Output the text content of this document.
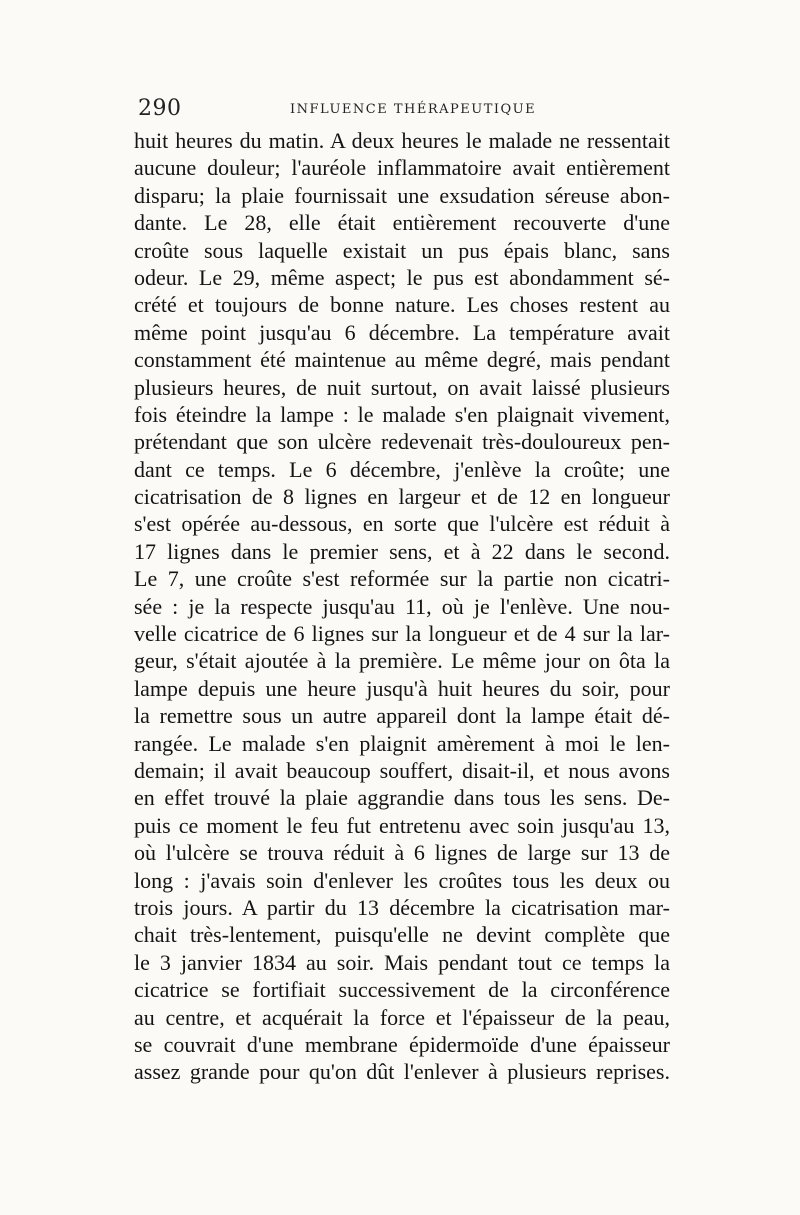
290	INFLUENCE THÉRAPEUTIQUE
huit heures du matin. A deux heures le malade ne ressentait
aucune douleur; l'auréole inflammatoire avait entièrement
disparu; la plaie fournissait une exsudation séreuse abon-
dante. Le 28, elle était entièrement recouverte d'une
croûte sous laquelle existait un pus épais blanc, sans
odeur. Le 29, même aspect; le pus est abondamment sé-
crété et toujours de bonne nature. Les choses restent au
même point jusqu'au 6 décembre. La température avait
constamment été maintenue au même degré, mais pendant
plusieurs heures, de nuit surtout, on avait laissé plusieurs
fois éteindre la lampe : le malade s'en plaignait vivement,
prétendant que son ulcère redevenait très-douloureux pen-
dant ce temps. Le 6 décembre, j'enlève la croûte; une
cicatrisation de 8 lignes en largeur et de 12 en longueur
s'est opérée au-dessous, en sorte que l'ulcère est réduit à
17 lignes dans le premier sens, et à 22 dans le second.
Le 7, une croûte s'est reformée sur la partie non cicatri-
sée : je la respecte jusqu'au 11, où je l'enlève. Une nou-
velle cicatrice de 6 lignes sur la longueur et de 4 sur la lar-
geur, s'était ajoutée à la première. Le même jour on ôta la
lampe depuis une heure jusqu'à huit heures du soir, pour
la remettre sous un autre appareil dont la lampe était dé-
rangée. Le malade s'en plaignit amèrement à moi le len-
demain; il avait beaucoup souffert, disait-il, et nous avons
en effet trouvé la plaie aggrandie dans tous les sens. De-
puis ce moment le feu fut entretenu avec soin jusqu'au 13,
où l'ulcère se trouva réduit à 6 lignes de large sur 13 de
long : j'avais soin d'enlever les croûtes tous les deux ou
trois jours. A partir du 13 décembre la cicatrisation mar-
chait très-lentement, puisqu'elle ne devint complète que
le 3 janvier 1834 au soir. Mais pendant tout ce temps la
cicatrice se fortifiait successivement de la circonférence
au centre, et acquérait la force et l'épaisseur de la peau,
se couvrait d'une membrane épidermoïde d'une épaisseur
assez grande pour qu'on dût l'enlever à plusieurs reprises.
